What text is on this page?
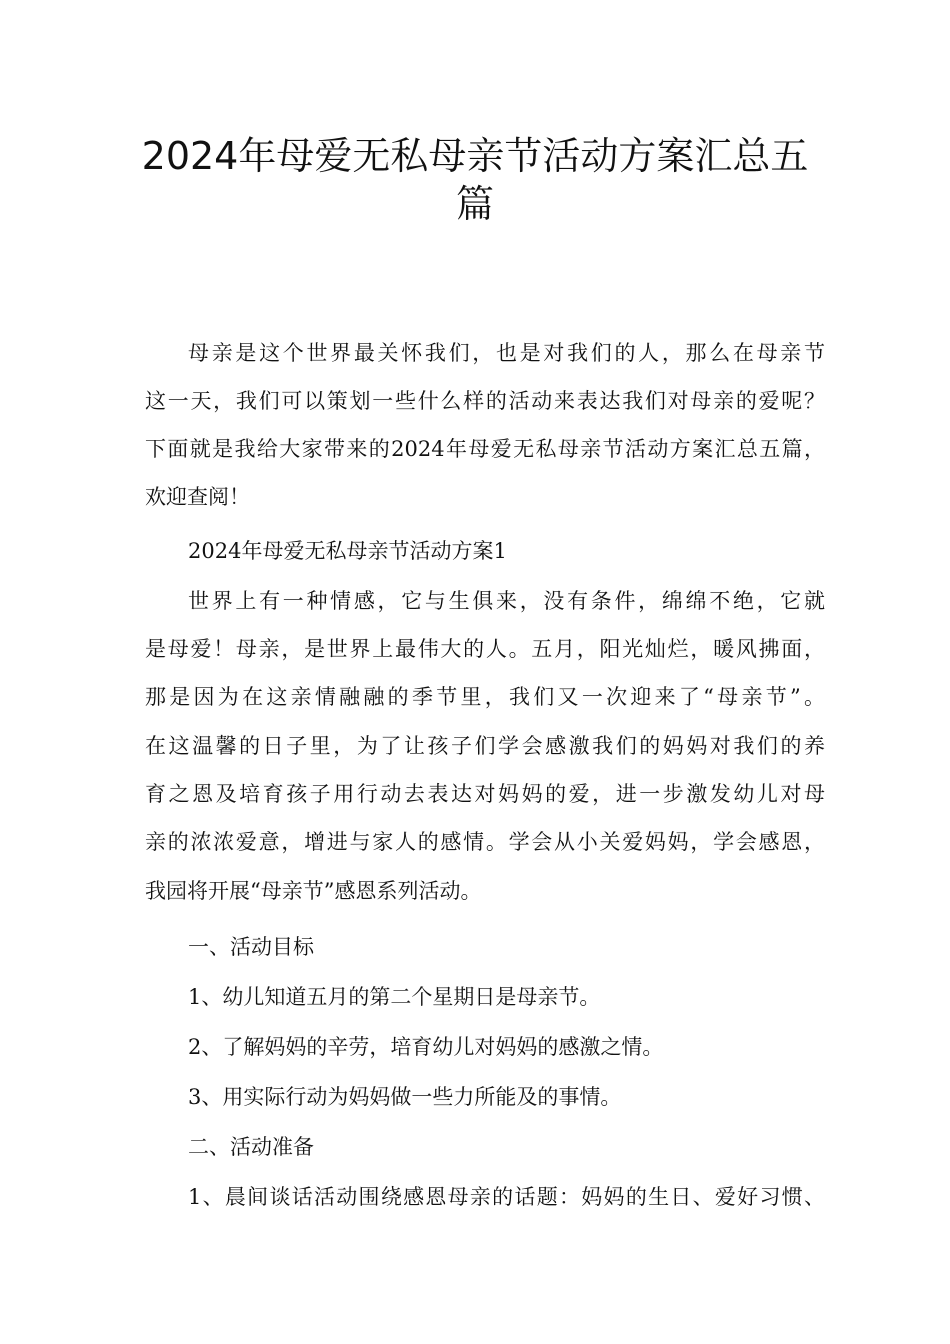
2024年母爱无私母亲节活动方案汇总五
篇
母亲是这个世界最关怀我们，也是对我们的人，那么在母亲节
这一天，我们可以策划一些什么样的活动来表达我们对母亲的爱呢？
下面就是我给大家带来的2024年母爱无私母亲节活动方案汇总五篇，
欢迎查阅！
2024年母爱无私母亲节活动方案1
世界上有一种情感，它与生俱来，没有条件，绵绵不绝，它就
是母爱！母亲，是世界上最伟大的人。五月，阳光灿烂，暖风拂面，
那是因为在这亲情融融的季节里，我们又一次迎来了“母亲节”。
在这温馨的日子里，为了让孩子们学会感激我们的妈妈对我们的养
育之恩及培育孩子用行动去表达对妈妈的爱，进一步激发幼儿对母
亲的浓浓爱意，增进与家人的感情。学会从小关爱妈妈，学会感恩，
我园将开展“母亲节”感恩系列活动。
一、活动目标
1、幼儿知道五月的第二个星期日是母亲节。
2、了解妈妈的辛劳，培育幼儿对妈妈的感激之情。
3、用实际行动为妈妈做一些力所能及的事情。
二、活动准备
1、晨间谈话活动围绕感恩母亲的话题：妈妈的生日、爱好习惯、
